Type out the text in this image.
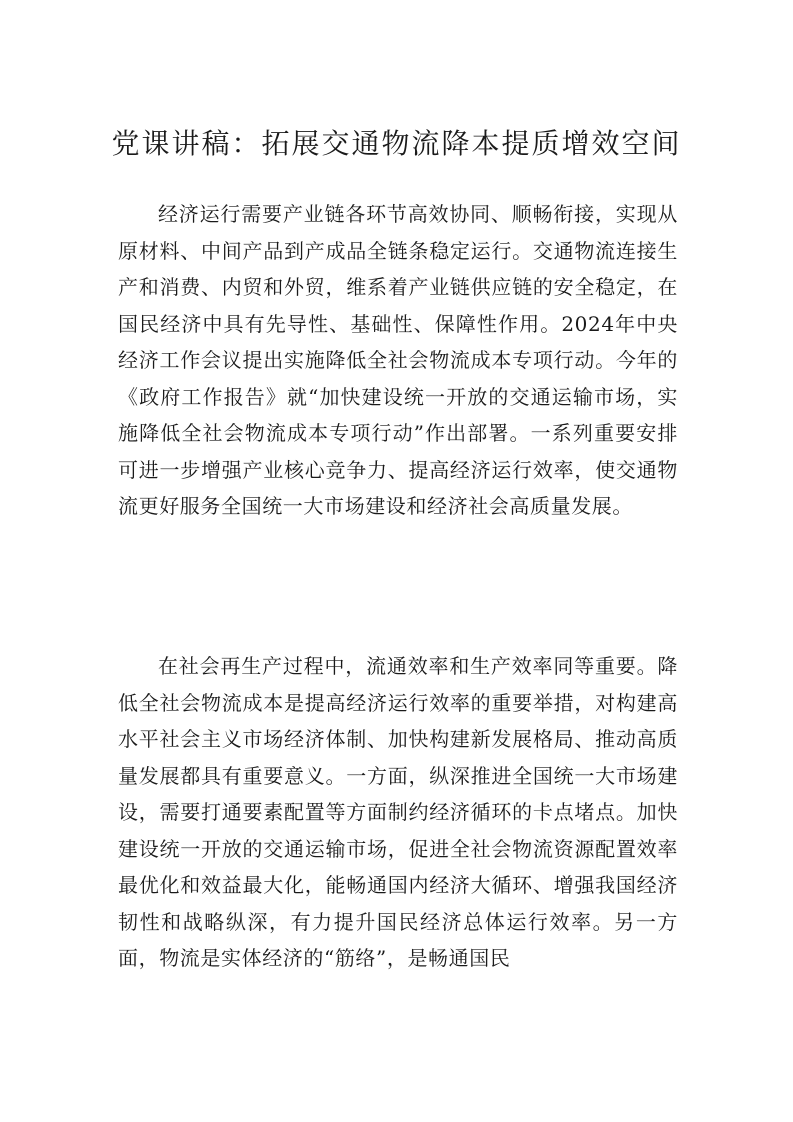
党课讲稿：拓展交通物流降本提质增效空间

经济运行需要产业链各环节高效协同、顺畅衔接，实现从原材料、中间产品到产成品全链条稳定运行。交通物流连接生产和消费、内贸和外贸，维系着产业链供应链的安全稳定，在国民经济中具有先导性、基础性、保障性作用。2024年中央经济工作会议提出实施降低全社会物流成本专项行动。今年的《政府工作报告》就“加快建设统一开放的交通运输市场，实施降低全社会物流成本专项行动”作出部署。一系列重要安排可进一步增强产业核心竞争力、提高经济运行效率，使交通物流更好服务全国统一大市场建设和经济社会高质量发展。

在社会再生产过程中，流通效率和生产效率同等重要。降低全社会物流成本是提高经济运行效率的重要举措，对构建高水平社会主义市场经济体制、加快构建新发展格局、推动高质量发展都具有重要意义。一方面，纵深推进全国统一大市场建设，需要打通要素配置等方面制约经济循环的卡点堵点。加快建设统一开放的交通运输市场，促进全社会物流资源配置效率最优化和效益最大化，能畅通国内经济大循环、增强我国经济韧性和战略纵深，有力提升国民经济总体运行效率。另一方面，物流是实体经济的“筋络”，是畅通国民
